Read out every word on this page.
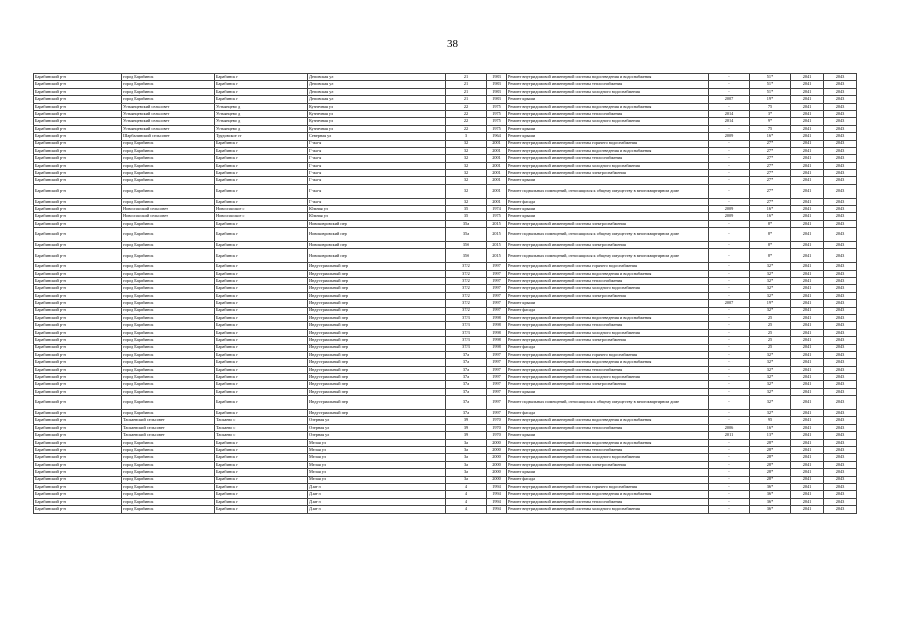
38
Барабинский р-н	город Барабинск	Барабинск г	Деповская ул	21	1983	Ремонт внутридомовой инженерной системы водоотведения и водоснабжения	-	51*	2041	2043
Барабинский р-н	город Барабинск	Барабинск г	Деповская ул	21	1983	Ремонт внутридомовой инженерной системы теплоснабжения	-	51*	2041	2043
Барабинский р-н	город Барабинск	Барабинск г	Деповская ул	21	1983	Ремонт внутридомовой инженерной системы холодного водоснабжения	-	51*	2041	2043
Барабинский р-н	город Барабинск	Барабинск г	Деповская ул	21	1983	Ремонт крыши	2007	19*	2041	2043
Барабинский р-н	Устьянцевский сельсовет	Устьянцево д	Кузнечная ул	22	1975	Ремонт внутридомовой инженерной системы водоотведения и водоснабжения	-	75	2041	2043
Барабинский р-н	Устьянцевский сельсовет	Устьянцево д	Кузнечная ул	22	1975	Ремонт внутридомовой инженерной системы теплоснабжения	2014	3*	2041	2043
Барабинский р-н	Устьянцевский сельсовет	Устьянцево д	Кузнечная ул	22	1975	Ремонт внутридомовой инженерной системы холодного водоснабжения	2014	9*	2041	2043
Барабинский р-н	Устьянцевский сельсовет	Устьянцево д	Кузнечная ул	22	1975	Ремонт крыши	-	75	2041	2043
Барабинский р-н	Шарбалинский сельсовет	Трудовское ст	Северная ул	3	1964	Ремонт крыши	2009	16*	2041	2043
Барабинский р-н	город Барабинск	Барабинск г	Г-жа-я	32	2001	Ремонт внутридомовой инженерной системы горячего водоснабжения	-	27*	2041	2043
Барабинский р-н	город Барабинск	Барабинск г	Г-жа-я	32	2001	Ремонт внутридомовой инженерной системы водоотведения и водоснабжения	-	27*	2041	2043
Барабинский р-н	город Барабинск	Барабинск г	Г-жа-я	32	2001	Ремонт внутридомовой инженерной системы теплоснабжения	-	27*	2041	2043
Барабинский р-н	город Барабинск	Барабинск г	Г-жа-я	32	2001	Ремонт внутридомовой инженерной системы холодного водоснабжения	-	27*	2041	2043
Барабинский р-н	город Барабинск	Барабинск г	Г-жа-я	32	2001	Ремонт внутридомовой инженерной системы электроснабжения	-	27*	2041	2043
Барабинский р-н	город Барабинск	Барабинск г	Г-жа-я	32	2001	Ремонт крыши	-	27*	2041	2043
Барабинский р-н	город Барабинск	Барабинск г	Г-жа-я	32	2001	Ремонт подвальных помещений, относящихся к общему имуществу в многоквартирном доме	-	27*	2041	2043
Барабинский р-н	город Барабинск	Барабинск г	Г-жа-я	32	2001	Ремонт фасада	-	27*	2041	2043
Барабинский р-н	Новоспасский сельсовет	Новоспасское с	Южная ул	35	1974	Ремонт крыши	2009	16*	2041	2043
Барабинский р-н	Новоспасский сельсовет	Новоспасское с	Южная ул	35	1975	Ремонт крыши	2009	16*	2041	2043
Барабинский р-н	город Барабинск	Барабинск г	Новоковровский пер	35а	2015	Ремонт внутридомовой инженерной системы электроснабжения	-	8*	2041	2043
Барабинский р-н	город Барабинск	Барабинск г	Новоковровский пер	35а	2015	Ремонт подвальных помещений, относящихся к общему имуществу в многоквартирном доме	-	8*	2041	2043
Барабинский р-н	город Барабинск	Барабинск г	Новоковровский пер	35б	2015	Ремонт внутридомовой инженерной системы электроснабжения	-	8*	2041	2043
Барабинский р-н	город Барабинск	Барабинск г	Новоковровский пер	35б	2015	Ремонт подвальных помещений, относящихся к общему имуществу в многоквартирном доме	-	8*	2041	2043
Барабинский р-н	город Барабинск	Барабинск г	Индустриальный пер	37/2	1997	Ремонт внутридомовой инженерной системы горячего водоснабжения	-	32*	2041	2043
Барабинский р-н	город Барабинск	Барабинск г	Индустриальный пер	37/2	1997	Ремонт внутридомовой инженерной системы водоотведения и водоснабжения	-	32*	2041	2043
Барабинский р-н	город Барабинск	Барабинск г	Индустриальный пер	37/2	1997	Ремонт внутридомовой инженерной системы теплоснабжения	-	32*	2041	2043
Барабинский р-н	город Барабинск	Барабинск г	Индустриальный пер	37/2	1997	Ремонт внутридомовой инженерной системы холодного водоснабжения	-	32*	2041	2043
Барабинский р-н	город Барабинск	Барабинск г	Индустриальный пер	37/2	1997	Ремонт внутридомовой инженерной системы электроснабжения	-	32*	2041	2043
Барабинский р-н	город Барабинск	Барабинск г	Индустриальный пер	37/2	1997	Ремонт крыши	2007	19*	2041	2043
Барабинский р-н	город Барабинск	Барабинск г	Индустриальный пер	37/2	1997	Ремонт фасада	-	32*	2041	2043
Барабинский р-н	город Барабинск	Барабинск г	Индустриальный пер	37/3	1998	Ремонт внутридомовой инженерной системы водоотведения и водоснабжения	-	25	2041	2043
Барабинский р-н	город Барабинск	Барабинск г	Индустриальный пер	37/3	1998	Ремонт внутридомовой инженерной системы теплоснабжения	-	25	2041	2043
Барабинский р-н	город Барабинск	Барабинск г	Индустриальный пер	37/3	1998	Ремонт внутридомовой инженерной системы холодного водоснабжения	-	25	2041	2043
Барабинский р-н	город Барабинск	Барабинск г	Индустриальный пер	37/3	1998	Ремонт внутридомовой инженерной системы электроснабжения	-	25	2041	2043
Барабинский р-н	город Барабинск	Барабинск г	Индустриальный пер	37/3	1998	Ремонт фасада	-	25	2041	2043
Барабинский р-н	город Барабинск	Барабинск г	Индустриальный пер	37а	1997	Ремонт внутридомовой инженерной системы горячего водоснабжения	-	32*	2041	2043
Барабинский р-н	город Барабинск	Барабинск г	Индустриальный пер	37а	1997	Ремонт внутридомовой инженерной системы водоотведения и водоснабжения	-	32*	2041	2043
Барабинский р-н	город Барабинск	Барабинск г	Индустриальный пер	37а	1997	Ремонт внутридомовой инженерной системы теплоснабжения	-	32*	2041	2043
Барабинский р-н	город Барабинск	Барабинск г	Индустриальный пер	37а	1997	Ремонт внутридомовой инженерной системы холодного водоснабжения	-	32*	2041	2043
Барабинский р-н	город Барабинск	Барабинск г	Индустриальный пер	37а	1997	Ремонт внутридомовой инженерной системы электроснабжения	-	32*	2041	2043
Барабинский р-н	город Барабинск	Барабинск г	Индустриальный пер	37а	1997	Ремонт крыши	-	32*	2041	2043
Барабинский р-н	город Барабинск	Барабинск г	Индустриальный пер	37а	1997	Ремонт подвальных помещений, относящихся к общему имуществу в многоквартирном доме	-	32*	2041	2043
Барабинский р-н	город Барабинск	Барабинск г	Индустриальный пер	37а	1997	Ремонт фасада	-	32*	2041	2043
Барабинский р-н	Таскаевский сельсовет	Таскаево с	Озерная ул	39	1970	Ремонт внутридомовой инженерной системы водоотведения и водоснабжения	-	95	2041	2043
Барабинский р-н	Таскаевский сельсовет	Таскаево с	Озерная ул	39	1970	Ремонт внутридомовой инженерной системы теплоснабжения	2006	16*	2041	2043
Барабинский р-н	Таскаевский сельсовет	Таскаево с	Озерная ул	39	1970	Ремонт крыши	2011	13*	2041	2043
Барабинский р-н	город Барабинск	Барабинск г	Мелая ул	3а	2000	Ремонт внутридомовой инженерной системы водоотведения и водоснабжения	-	28*	2041	2043
Барабинский р-н	город Барабинск	Барабинск г	Мелая ул	3а	2000	Ремонт внутридомовой инженерной системы теплоснабжения	-	28*	2041	2043
Барабинский р-н	город Барабинск	Барабинск г	Мелая ул	3а	2000	Ремонт внутридомовой инженерной системы холодного водоснабжения	-	28*	2041	2043
Барабинский р-н	город Барабинск	Барабинск г	Мелая ул	3а	2000	Ремонт внутридомовой инженерной системы электроснабжения	-	28*	2041	2043
Барабинский р-н	город Барабинск	Барабинск г	Мелая ул	3а	2000	Ремонт крыши	-	28*	2041	2043
Барабинский р-н	город Барабинск	Барабинск г	Мелая ул	3а	2000	Ремонт фасада	-	28*	2041	2043
Барабинский р-н	город Барабинск	Барабинск г	Д.кв-л	4	1994	Ремонт внутридомовой инженерной системы горячего водоснабжения	-	36*	2041	2043
Барабинский р-н	город Барабинск	Барабинск г	Д.кв-л	4	1994	Ремонт внутридомовой инженерной системы водоотведения и водоснабжения	-	36*	2041	2043
Барабинский р-н	город Барабинск	Барабинск г	Д.кв-л	4	1994	Ремонт внутридомовой инженерной системы теплоснабжения	-	36*	2041	2043
Барабинский р-н	город Барабинск	Барабинск г	Д.кв-л	4	1994	Ремонт внутридомовой инженерной системы холодного водоснабжения	-	36*	2041	2043
